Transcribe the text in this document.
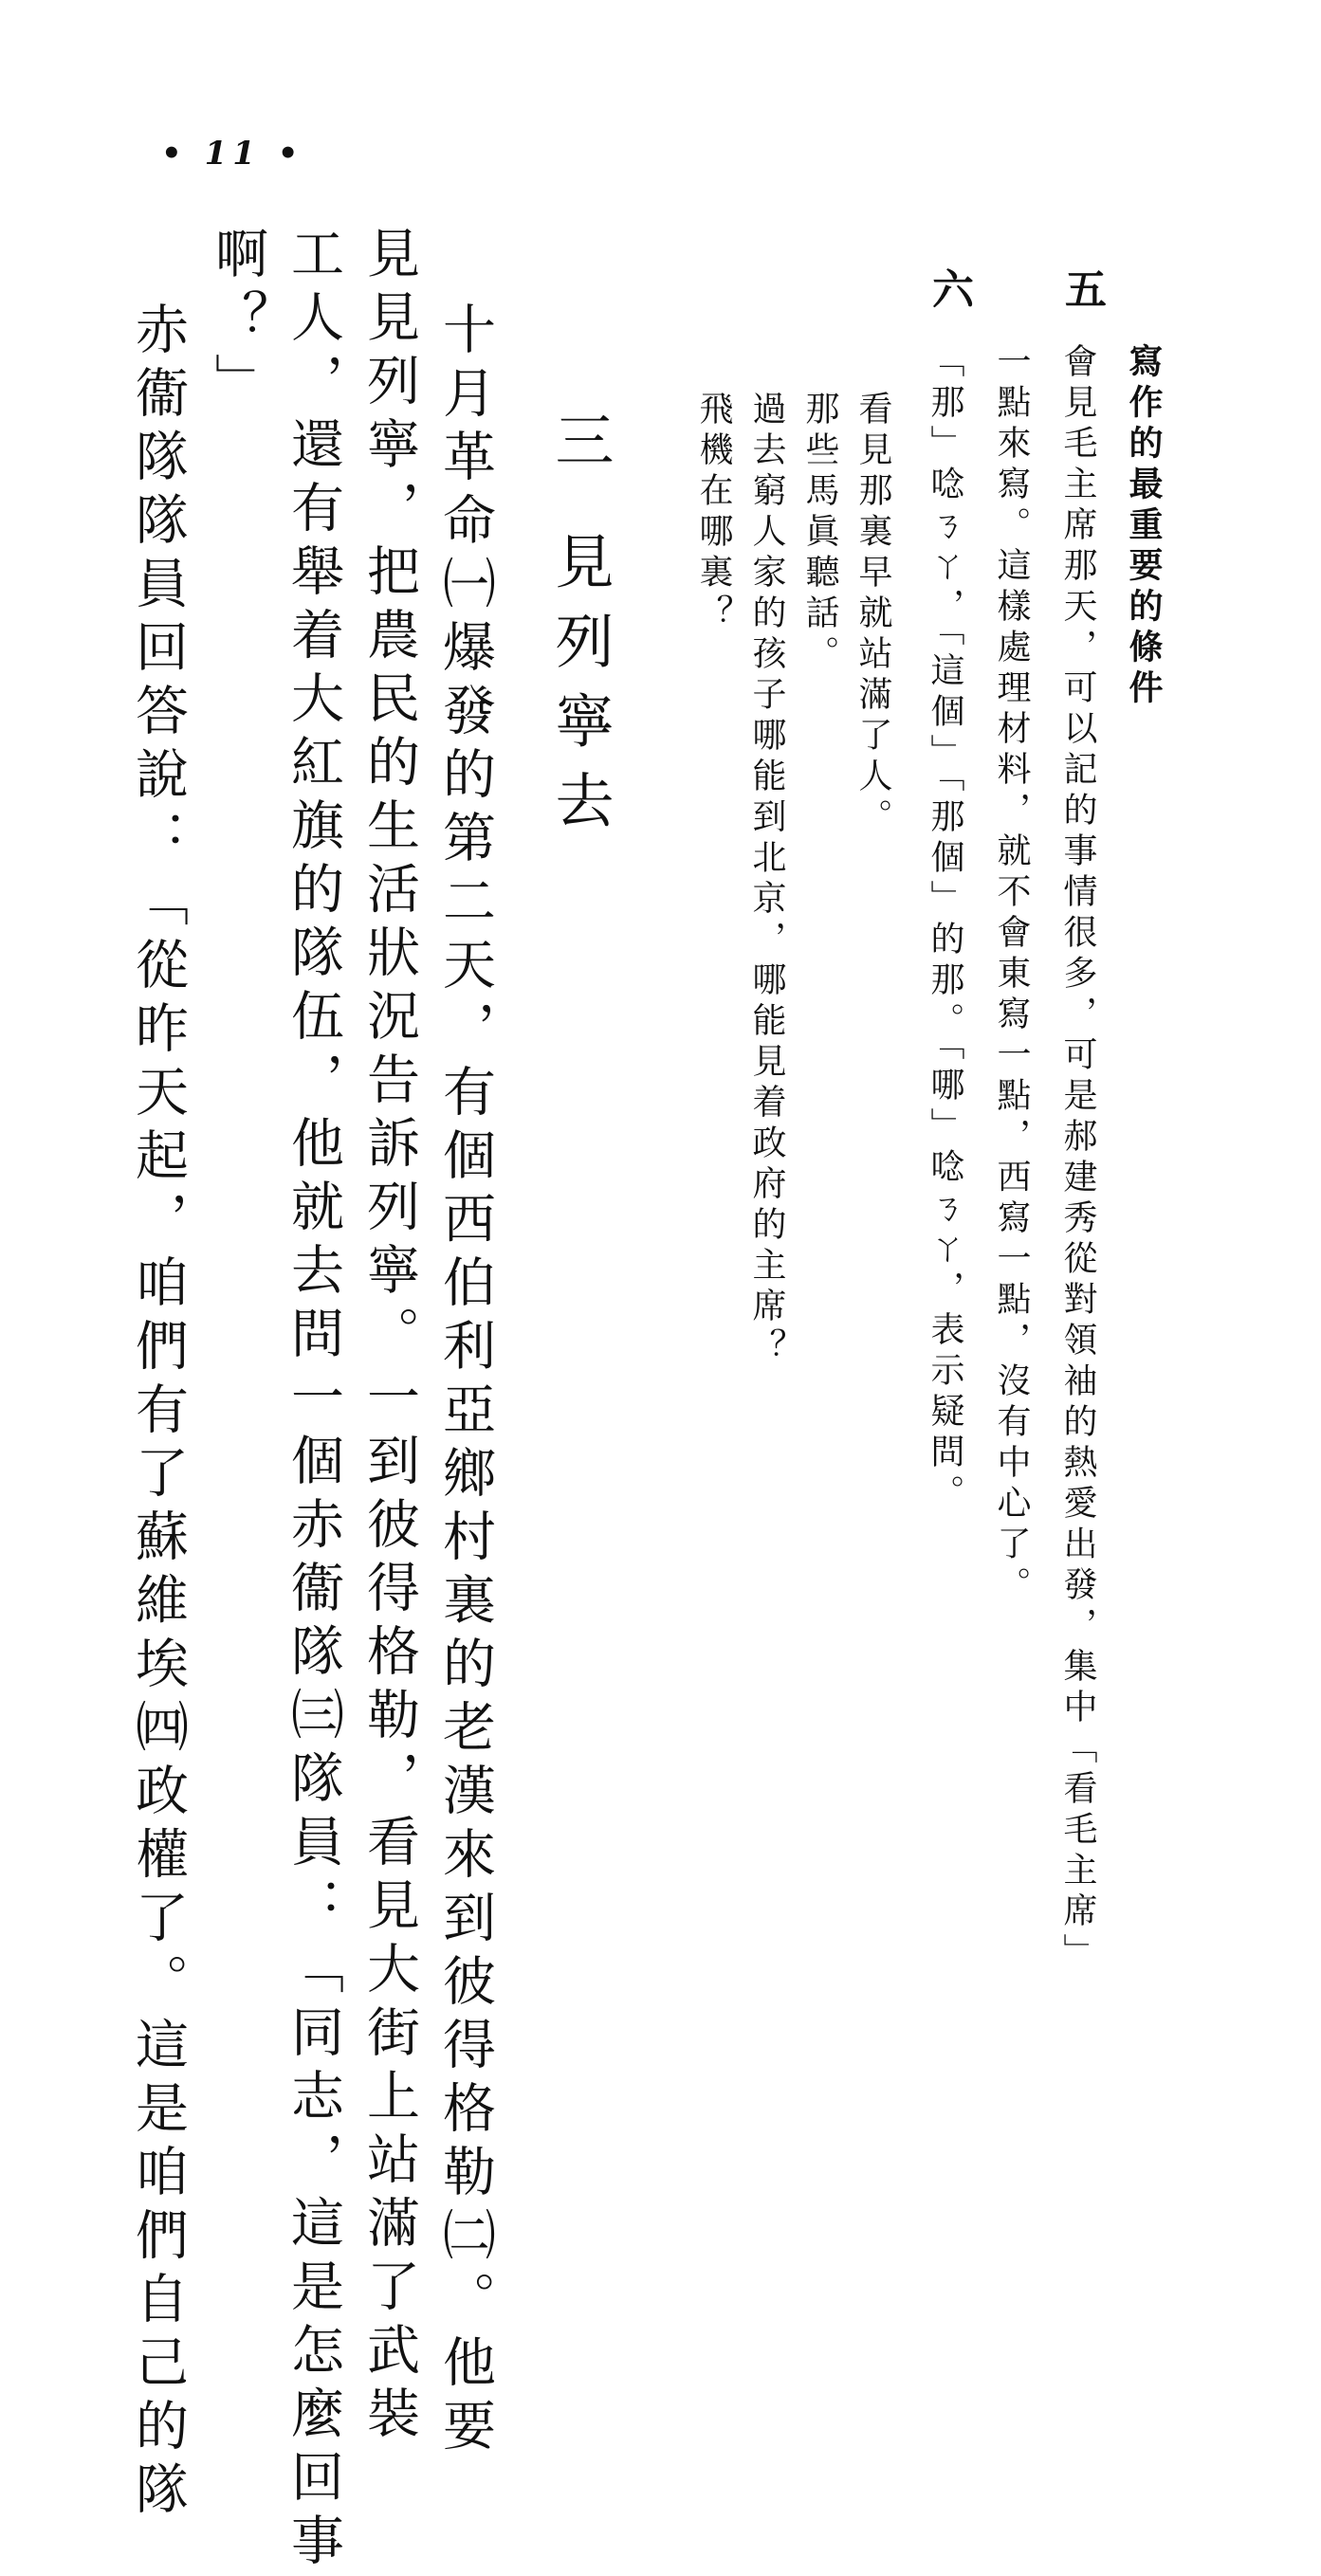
• 11 •
五
寫作的最重要的條件
會見毛主席那天，可以記的事情很多，可是郝建秀從對領袖的熱愛出發，集中「看毛主席」
一點來寫。這樣處理材料，就不會東寫一點，西寫一點，沒有中心了。
六
「那」唸ㄋㄚ，「這個」「那個」的那。「哪」唸ㄋㄚ，表示疑問。
看見那裏早就站滿了人。
那些馬眞聽話。
過去窮人家的孩子哪能到北京，哪能見着政府的主席？
飛機在哪裏？
三
見列寧去
十月革命㈠爆發的第二天，有個西伯利亞鄉村裏的老漢來到彼得格勒㈡。他要
見見列寧，把農民的生活狀況告訴列寧。一到彼得格勒，看見大街上站滿了武裝
工人，還有舉着大紅旗的隊伍，他就去問一個赤衞隊㈢隊員：「同志，這是怎麼回事
啊？」
赤衞隊隊員回答說：「從昨天起，咱們有了蘇維埃㈣政權了。這是咱們自己的隊
